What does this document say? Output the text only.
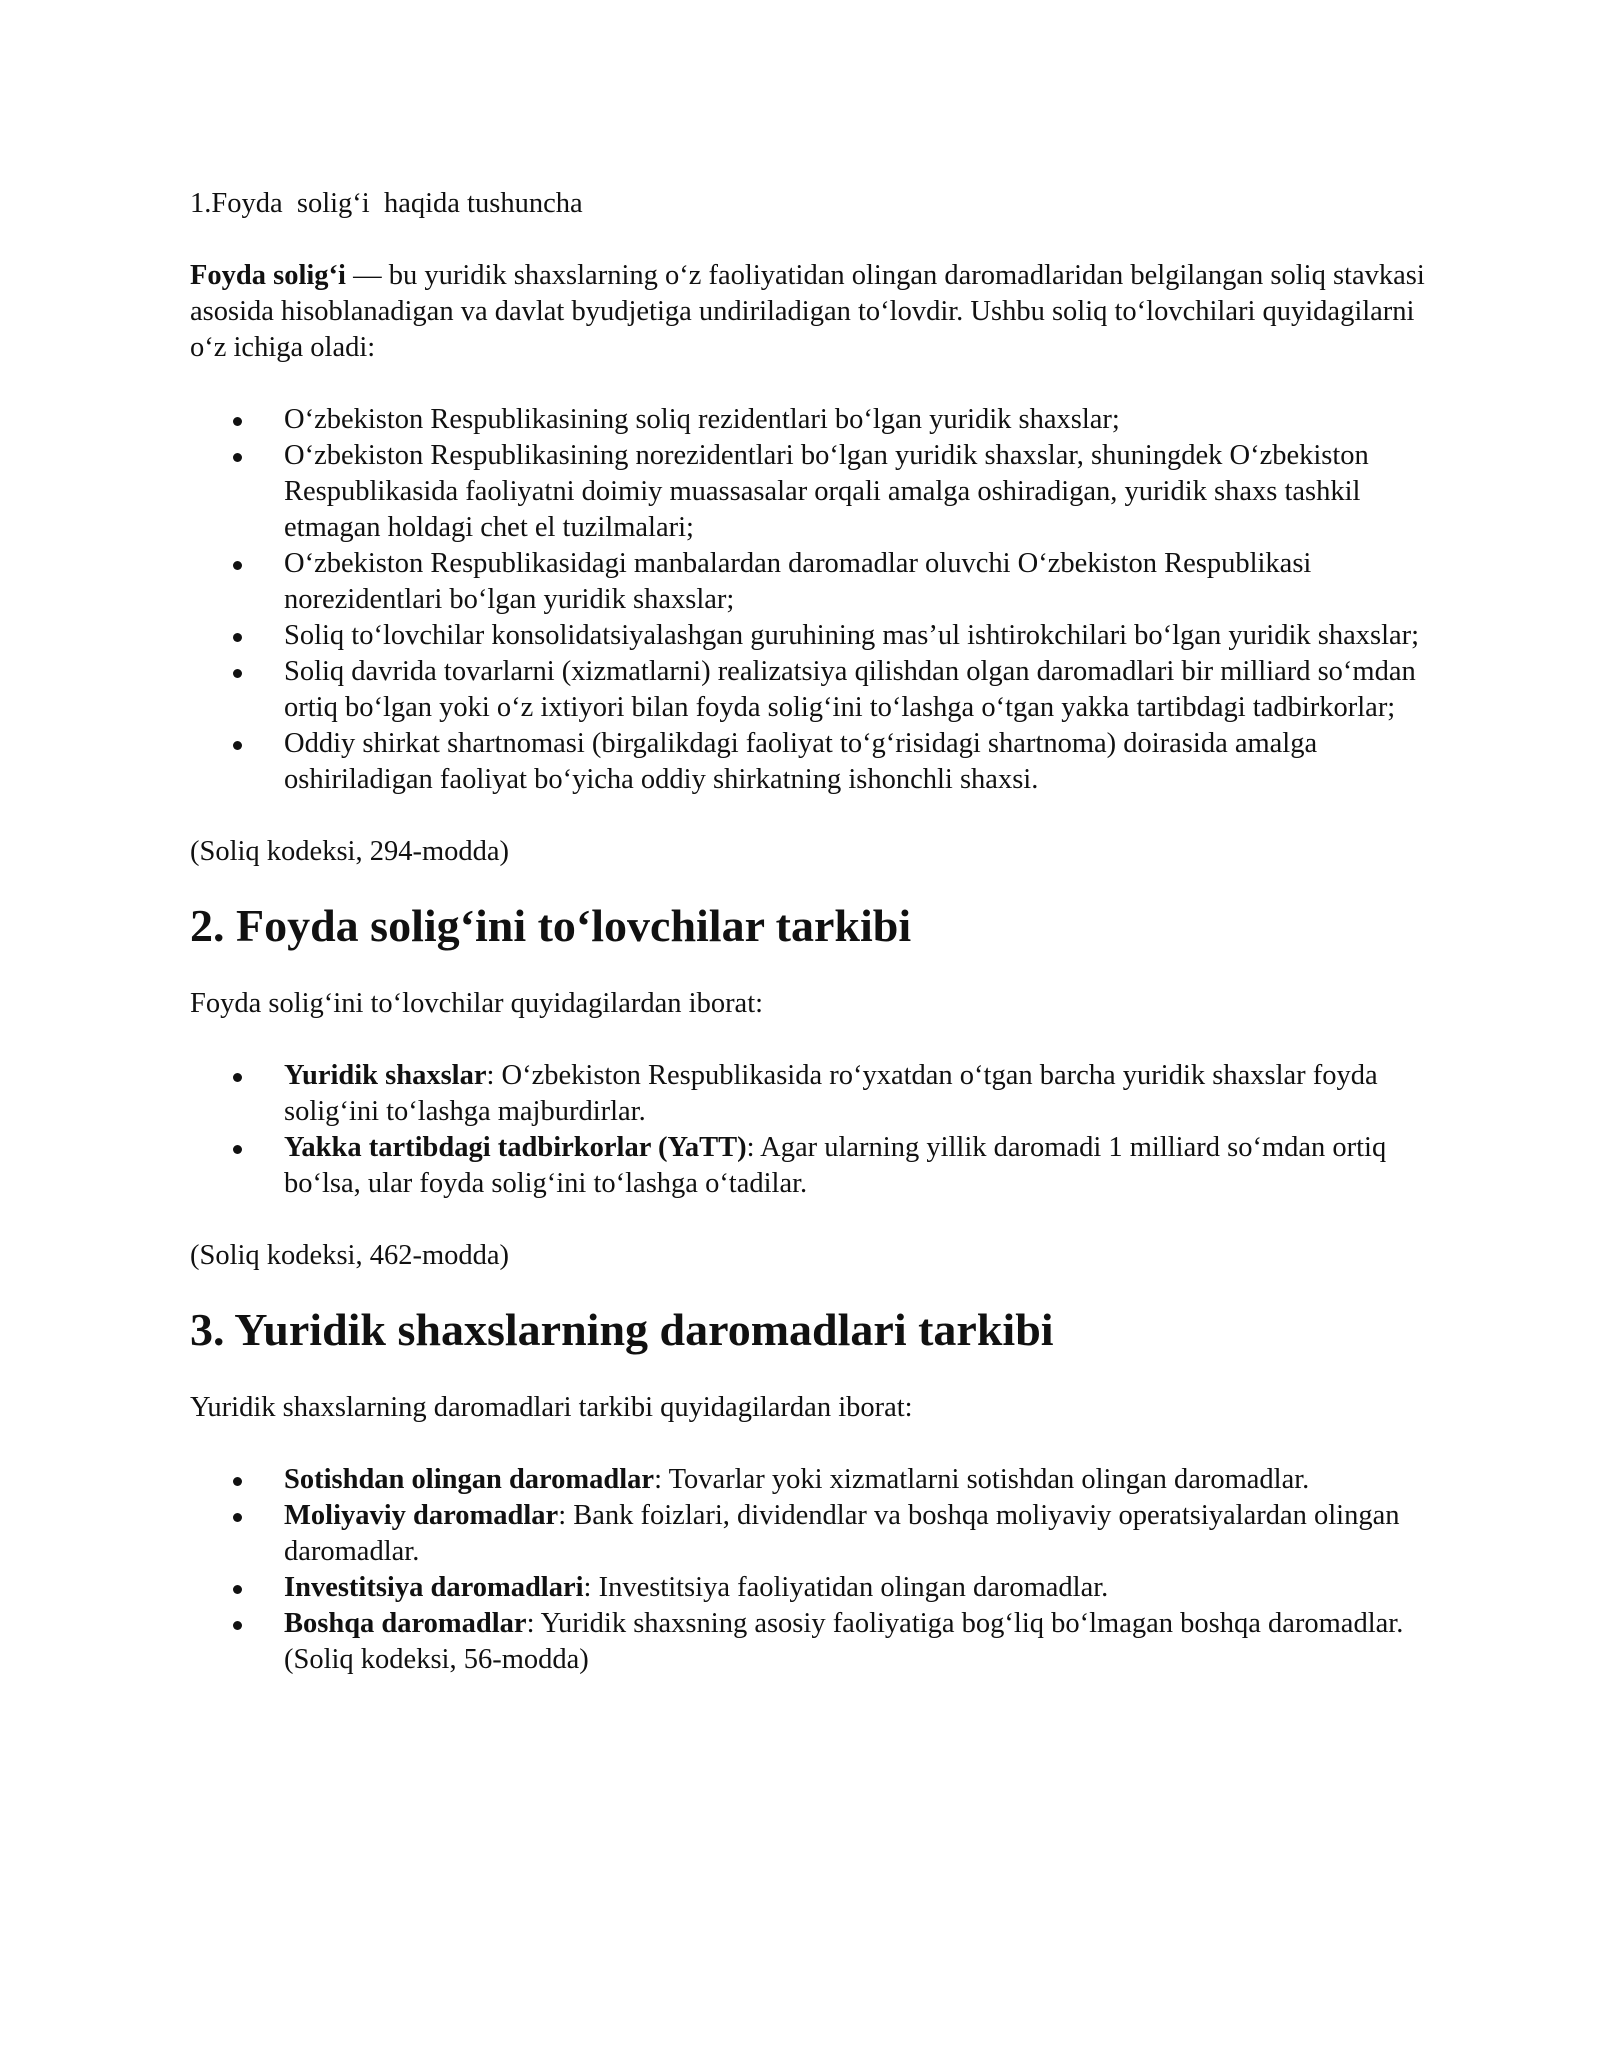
1.Foyda  solig‘i  haqida tushuncha

Foyda solig‘i — bu yuridik shaxslarning o‘z faoliyatidan olingan daromadlaridan belgilangan soliq stavkasi asosida hisoblanadigan va davlat byudjetiga undiriladigan to‘lovdir. Ushbu soliq to‘lovchilari quyidagilarni o‘z ichiga oladi:

O‘zbekiston Respublikasining soliq rezidentlari bo‘lgan yuridik shaxslar;
O‘zbekiston Respublikasining norezidentlari bo‘lgan yuridik shaxslar, shuningdek O‘zbekiston Respublikasida faoliyatni doimiy muassasalar orqali amalga oshiradigan, yuridik shaxs tashkil etmagan holdagi chet el tuzilmalari;
O‘zbekiston Respublikasidagi manbalardan daromadlar oluvchi O‘zbekiston Respublikasi norezidentlari bo‘lgan yuridik shaxslar;
Soliq to‘lovchilar konsolidatsiyalashgan guruhining mas’ul ishtirokchilari bo‘lgan yuridik shaxslar;
Soliq davrida tovarlarni (xizmatlarni) realizatsiya qilishdan olgan daromadlari bir milliard so‘mdan ortiq bo‘lgan yoki o‘z ixtiyori bilan foyda solig‘ini to‘lashga o‘tgan yakka tartibdagi tadbirkorlar;
Oddiy shirkat shartnomasi (birgalikdagi faoliyat to‘g‘risidagi shartnoma) doirasida amalga oshiriladigan faoliyat bo‘yicha oddiy shirkatning ishonchli shaxsi.

(Soliq kodeksi, 294-modda)

2. Foyda solig‘ini to‘lovchilar tarkibi

Foyda solig‘ini to‘lovchilar quyidagilardan iborat:

Yuridik shaxslar: O‘zbekiston Respublikasida ro‘yxatdan o‘tgan barcha yuridik shaxslar foyda solig‘ini to‘lashga majburdirlar.
Yakka tartibdagi tadbirkorlar (YaTT): Agar ularning yillik daromadi 1 milliard so‘mdan ortiq bo‘lsa, ular foyda solig‘ini to‘lashga o‘tadilar.

(Soliq kodeksi, 462-modda)

3. Yuridik shaxslarning daromadlari tarkibi

Yuridik shaxslarning daromadlari tarkibi quyidagilardan iborat:

Sotishdan olingan daromadlar: Tovarlar yoki xizmatlarni sotishdan olingan daromadlar.
Moliyaviy daromadlar: Bank foizlari, dividendlar va boshqa moliyaviy operatsiyalardan olingan daromadlar.
Investitsiya daromadlari: Investitsiya faoliyatidan olingan daromadlar.
Boshqa daromadlar: Yuridik shaxsning asosiy faoliyatiga bog‘liq bo‘lmagan boshqa daromadlar.(Soliq kodeksi, 56-modda)
